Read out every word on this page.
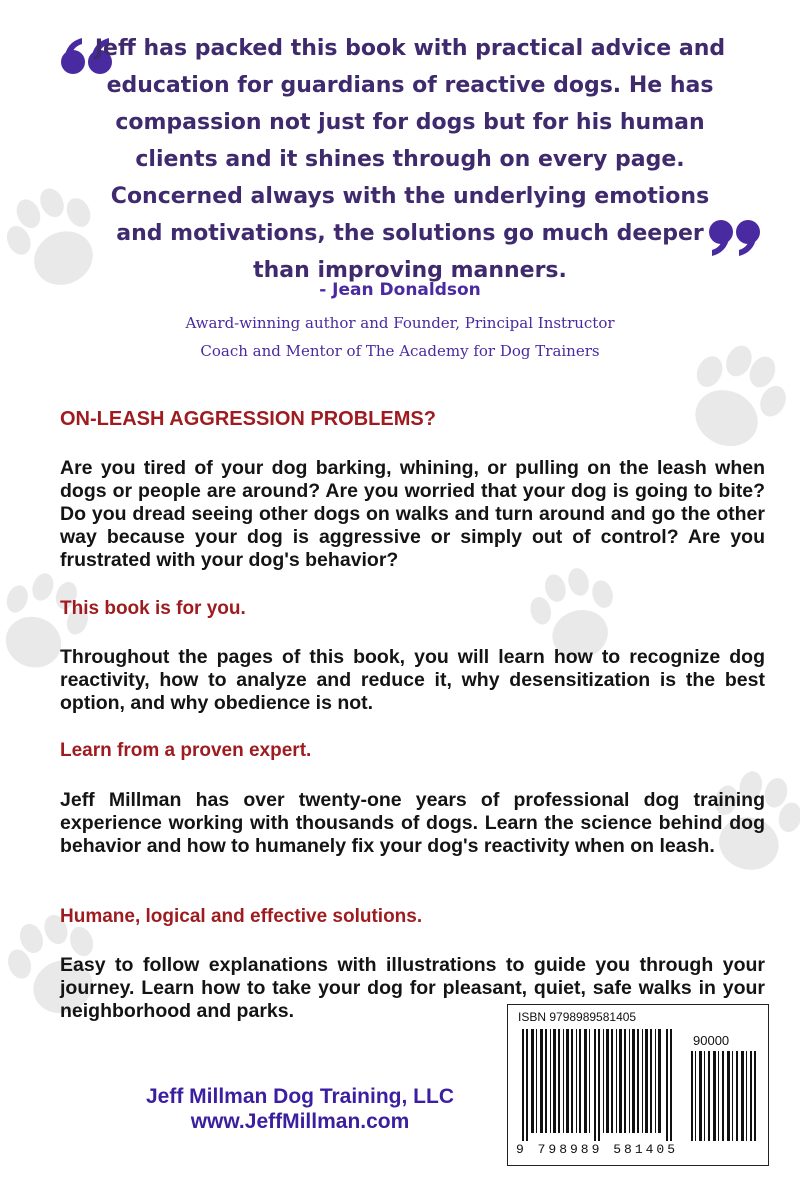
Jeff has packed this book with practical advice and education for guardians of reactive dogs. He has compassion not just for dogs but for his human clients and it shines through on every page. Concerned always with the underlying emotions and motivations, the solutions go much deeper than improving manners.

- Jean Donaldson
Award-winning author and Founder, Principal Instructor
Coach and Mentor of The Academy for Dog Trainers
ON-LEASH AGGRESSION PROBLEMS?

Are you tired of your dog barking, whining, or pulling on the leash when dogs or people are around? Are you worried that your dog is going to bite? Do you dread seeing other dogs on walks and turn around and go the other way because your dog is aggressive or simply out of control? Are you frustrated with your dog's behavior?

This book is for you.

Throughout the pages of this book, you will learn how to recognize dog reactivity, how to analyze and reduce it, why desensitization is the best option, and why obedience is not.

Learn from a proven expert.

Jeff Millman has over twenty-one years of professional dog training experience working with thousands of dogs. Learn the science behind dog behavior and how to humanely fix your dog's reactivity when on leash.

Humane, logical and effective solutions.

Easy to follow explanations with illustrations to guide you through your journey. Learn how to take your dog for pleasant, quiet, safe walks in your neighborhood and parks.

Jeff Millman Dog Training, LLC
www.JeffMillman.com
ISBN 9798989581405
90000
9 798989 581405
